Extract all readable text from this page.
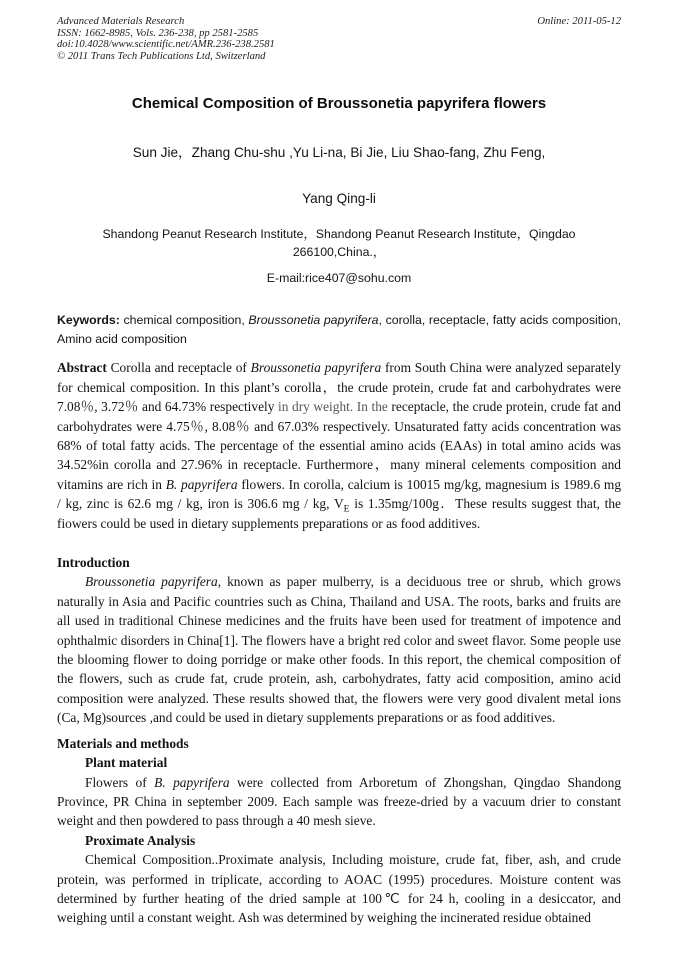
Advanced Materials Research
ISSN: 1662-8985, Vols. 236-238, pp 2581-2585
doi:10.4028/www.scientific.net/AMR.236-238.2581
© 2011 Trans Tech Publications Ltd, Switzerland
Online: 2011-05-12
Chemical Composition of Broussonetia papyrifera flowers
Sun Jie，Zhang Chu-shu ,Yu Li-na, Bi Jie, Liu Shao-fang, Zhu Feng,
Yang Qing-li
Shandong Peanut Research Institute，Shandong Peanut Research Institute，Qingdao
266100,China.，
E-mail:rice407@sohu.com
Keywords: chemical composition, Broussonetia papyrifera, corolla, receptacle, fatty acids composition, Amino acid composition
Abstract Corolla and receptacle of Broussonetia papyrifera from South China were analyzed separately for chemical composition. In this plant’s corolla，the crude protein, crude fat and carbohydrates were 7.08％, 3.72％ and 64.73% respectively in dry weight. In the receptacle, the crude protein, crude fat and carbohydrates were 4.75％, 8.08％ and 67.03% respectively. Unsaturated fatty acids concentration was 68% of total fatty acids. The percentage of the essential amino acids (EAAs) in total amino acids was 34.52%in corolla and 27.96% in receptacle. Furthermore，many mineral celements composition and vitamins are rich in B. papyrifera flowers. In corolla, calcium is 10015 mg/kg, magnesium is 1989.6 mg / kg, zinc is 62.6 mg / kg, iron is 306.6 mg / kg, $V_E$ is 1.35mg/100g．These results suggest that, the fiowers could be used in dietary supplements preparations or as food additives.
Introduction

Broussonetia papyrifera, known as paper mulberry, is a deciduous tree or shrub, which grows naturally in Asia and Pacific countries such as China, Thailand and USA. The roots, barks and fruits are all used in traditional Chinese medicines and the fruits have been used for treatment of impotence and ophthalmic disorders in China[1]. The flowers have a bright red color and sweet flavor. Some people use the blooming flower to doing porridge or make other foods. In this report, the chemical composition of the flowers, such as crude fat, crude protein, ash, carbohydrates, fatty acid composition, amino acid composition were analyzed. These results showed that, the flowers were very good divalent metal ions (Ca, Mg)sources ,and could be used in dietary supplements preparations or as food additives.

Materials and methods
Plant material

Flowers of B. papyrifera were collected from Arboretum of Zhongshan, Qingdao Shandong Province, PR China in september 2009. Each sample was freeze-dried by a vacuum drier to constant weight and then powdered to pass through a 40 mesh sieve.

Proximate Analysis

Chemical Composition..Proximate analysis, Including moisture, crude fat, fiber, ash, and crude protein, was performed in triplicate, according to AOAC (1995) procedures. Moisture content was determined by further heating of the dried sample at 100℃ for 24 h, cooling in a desiccator, and weighing until a constant weight. Ash was determined by weighing the incinerated residue obtained
